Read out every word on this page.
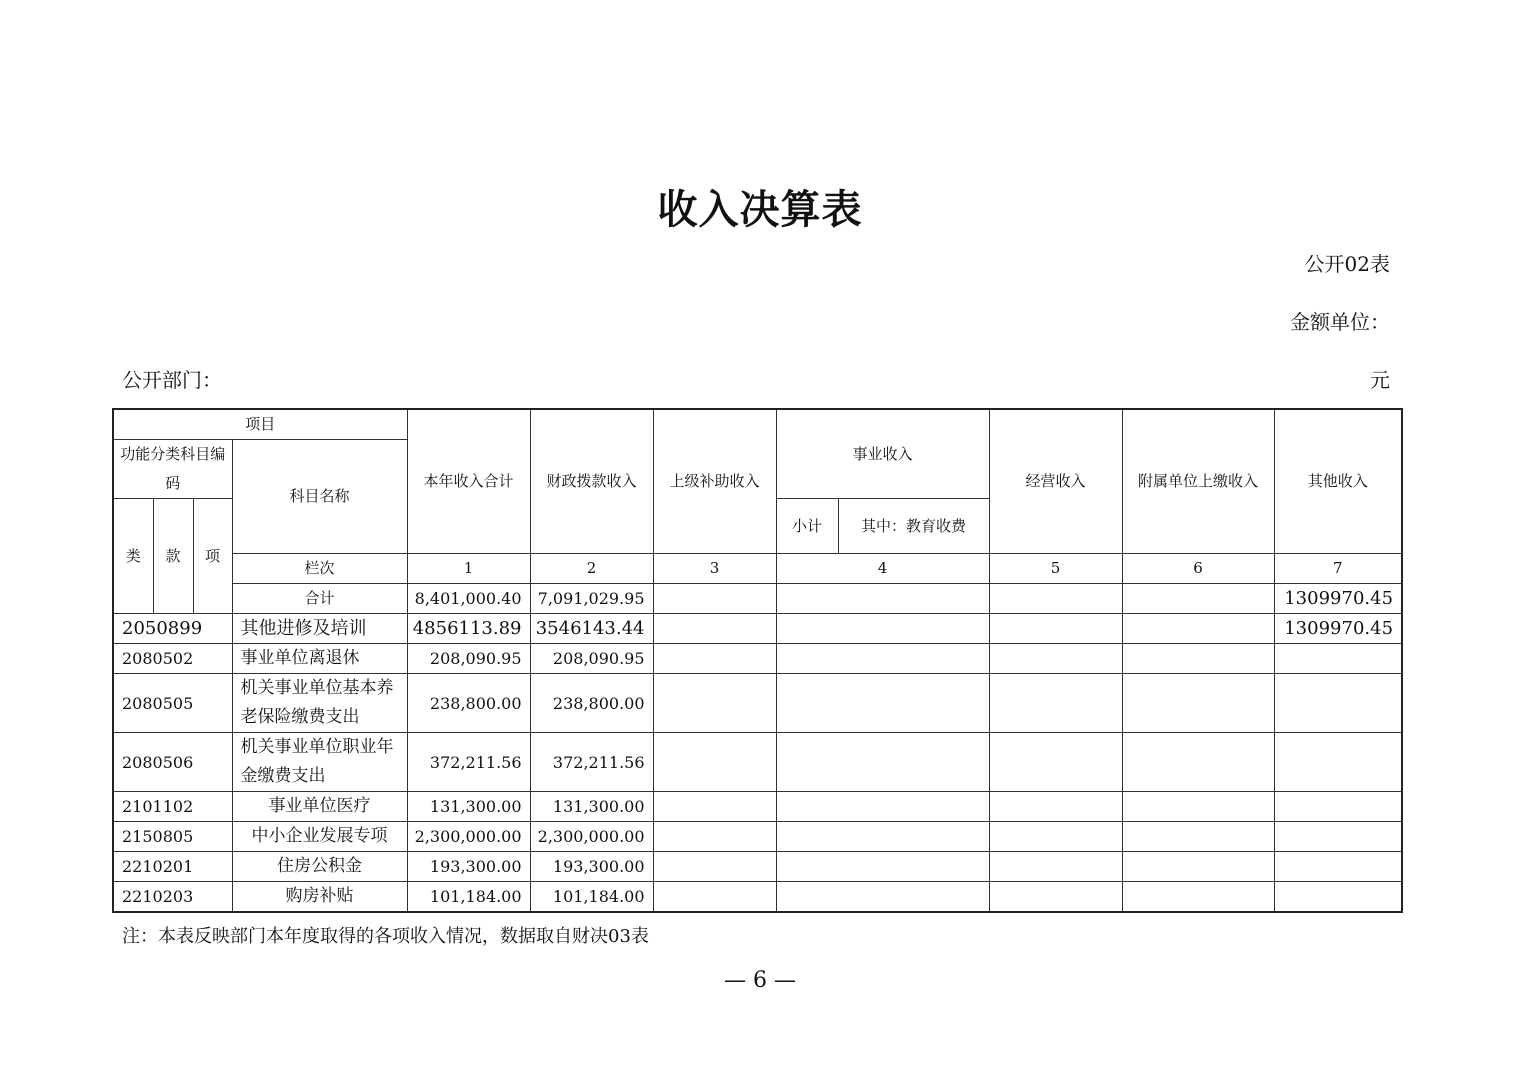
收入决算表
公开02表
金额单位：
公开部门：	元
项目				本年收入合计	财政拨款收入	上级补助收入	事业收入		经营收入	附属单位上缴收入	其他收入
功能分类科目编码			科目名称								
类	款	项					小计	其中：教育收费			
			栏次	1	2	3	4		5	6	7
			合计	8,401,000.40	7,091,029.95						1309970.45
2050899			其他进修及培训	4856113.89	3546143.44						1309970.45
2080502			事业单位离退休	208,090.95	208,090.95						
2080505			机关事业单位基本养老保险缴费支出	238,800.00	238,800.00						
2080506			机关事业单位职业年金缴费支出	372,211.56	372,211.56						
2101102			事业单位医疗	131,300.00	131,300.00						
2150805			中小企业发展专项	2,300,000.00	2,300,000.00						
2210201			住房公积金	193,300.00	193,300.00						
2210203			购房补贴	101,184.00	101,184.00						
注：本表反映部门本年度取得的各项收入情况，数据取自财决03表
— 6 —
